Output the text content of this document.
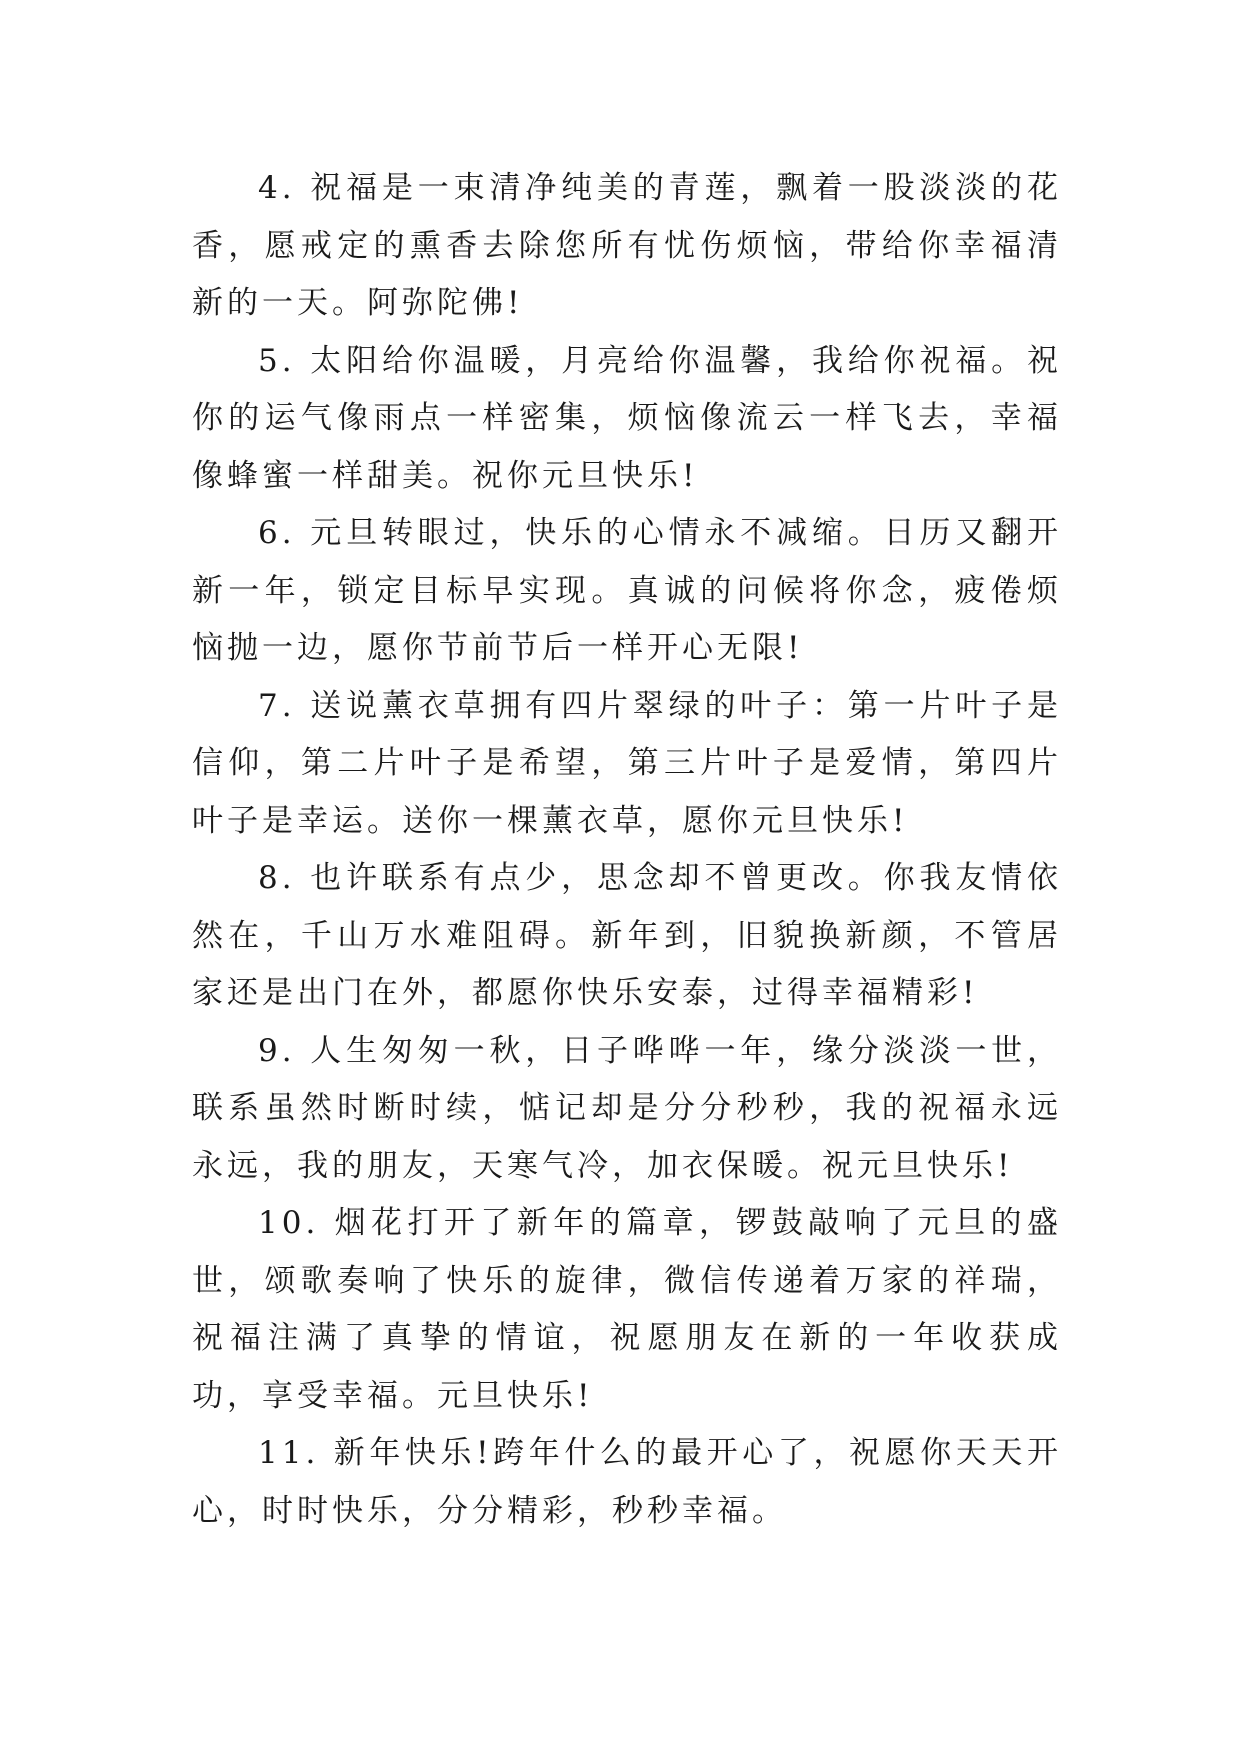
4. 祝福是一束清净纯美的青莲，飘着一股淡淡的花香，愿戒定的熏香去除您所有忧伤烦恼，带给你幸福清新的一天。阿弥陀佛!

5. 太阳给你温暖，月亮给你温馨，我给你祝福。祝你的运气像雨点一样密集，烦恼像流云一样飞去，幸福像蜂蜜一样甜美。祝你元旦快乐!

6. 元旦转眼过，快乐的心情永不减缩。日历又翻开新一年，锁定目标早实现。真诚的问候将你念，疲倦烦恼抛一边，愿你节前节后一样开心无限!

7. 送说薰衣草拥有四片翠绿的叶子：第一片叶子是信仰，第二片叶子是希望，第三片叶子是爱情，第四片叶子是幸运。送你一棵薰衣草，愿你元旦快乐!

8. 也许联系有点少，思念却不曾更改。你我友情依然在，千山万水难阻碍。新年到，旧貌换新颜，不管居家还是出门在外，都愿你快乐安泰，过得幸福精彩!

9. 人生匆匆一秋，日子哗哗一年，缘分淡淡一世，联系虽然时断时续，惦记却是分分秒秒，我的祝福永远永远，我的朋友，天寒气冷，加衣保暖。祝元旦快乐!

10. 烟花打开了新年的篇章，锣鼓敲响了元旦的盛世，颂歌奏响了快乐的旋律，微信传递着万家的祥瑞，祝福注满了真挚的情谊，祝愿朋友在新的一年收获成功，享受幸福。元旦快乐!

11. 新年快乐!跨年什么的最开心了，祝愿你天天开心，时时快乐，分分精彩，秒秒幸福。
